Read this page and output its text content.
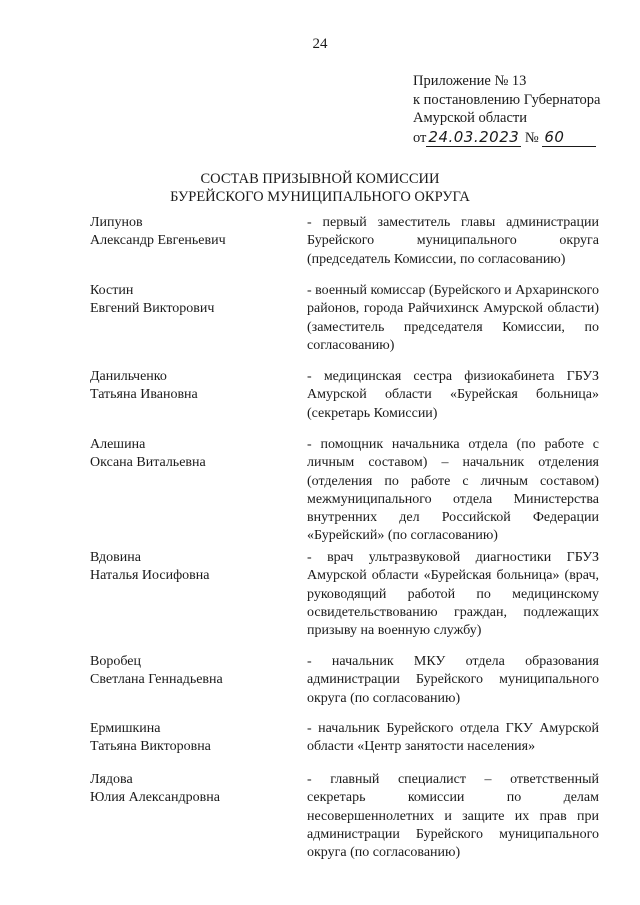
24
Приложение № 13
к постановлению Губернатора
Амурской области
от 24.03.2023 № 60
СОСТАВ ПРИЗЫВНОЙ КОМИССИИ
БУРЕЙСКОГО МУНИЦИПАЛЬНОГО ОКРУГА
Липунов
Александр Евгеньевич
- первый заместитель главы администрации Бурейского муниципального округа (председатель Комиссии, по согласованию)
Костин
Евгений Викторович
- военный комиссар (Бурейского и Архаринского районов, города Райчихинск Амурской области) (заместитель председателя Комиссии, по согласованию)
Данильченко
Татьяна Ивановна
- медицинская сестра физиокабинета ГБУЗ Амурской области «Бурейская больница» (секретарь Комиссии)
Алешина
Оксана Витальевна
- помощник начальника отдела (по работе с личным составом) – начальник отделения (отделения по работе с личным составом) межмуниципального отдела Министерства внутренних дел Российской Федерации «Бурейский» (по согласованию)
Вдовина
Наталья Иосифовна
- врач ультразвуковой диагностики ГБУЗ Амурской области «Бурейская больница» (врач, руководящий работой по медицинскому освидетельствованию граждан, подлежащих призыву на военную службу)
Воробец
Светлана Геннадьевна
- начальник МКУ отдела образования администрации Бурейского муниципального округа (по согласованию)
Ермишкина
Татьяна Викторовна
- начальник Бурейского отдела ГКУ Амурской области «Центр занятости населения»
Лядова
Юлия Александровна
- главный специалист – ответственный секретарь комиссии по делам несовершеннолетних и защите их прав при администрации Бурейского муниципального округа (по согласованию)
